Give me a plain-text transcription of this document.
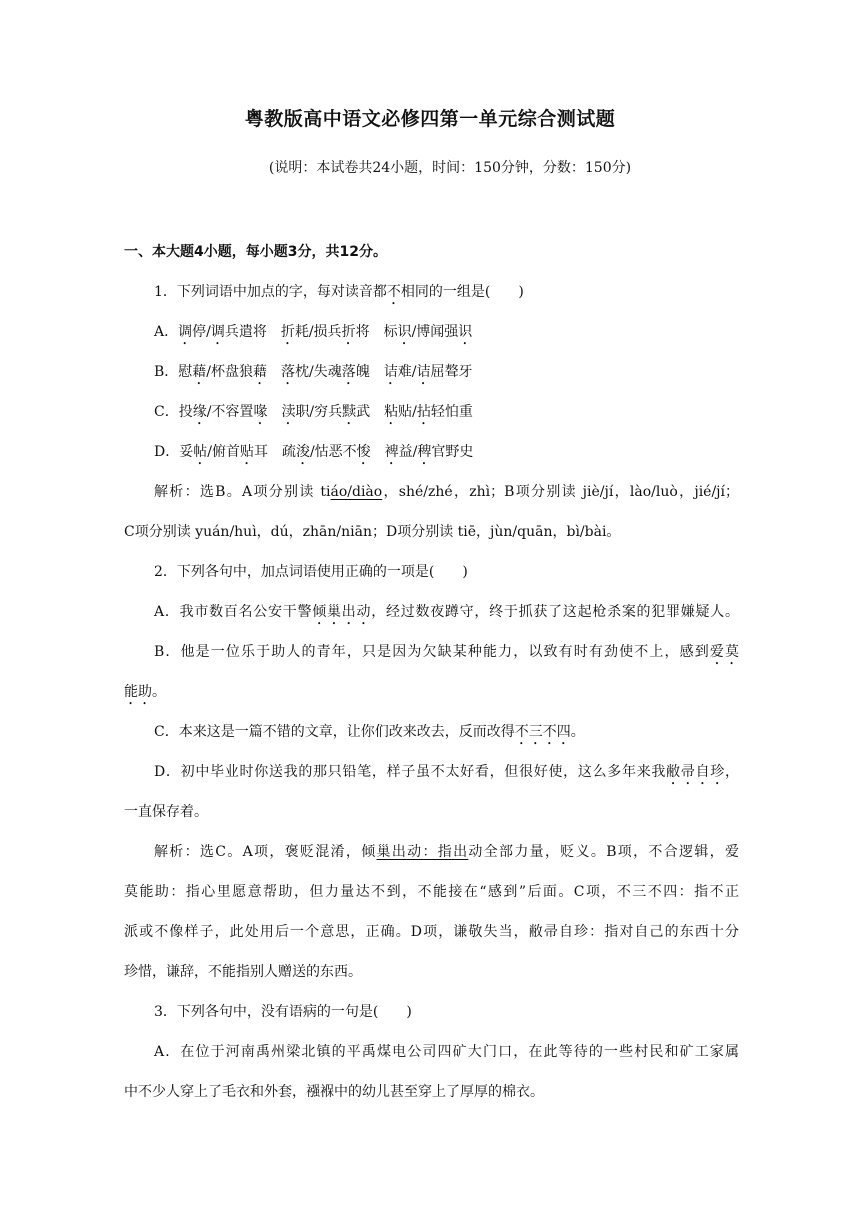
粤教版高中语文必修四第一单元综合测试题
(说明：本试卷共24小题，时间：150分钟，分数：150分)
一、本大题4小题，每小题3分，共12分。
1．下列词语中加点的字，每对读音都不相同的一组是(　　)
A．调停/调兵遣将 折耗/损兵折将 标识/博闻强识
B．慰藉/杯盘狼藉 落枕/失魂落魄 诘难/诘屈聱牙
C．投缘/不容置喙 渎职/穷兵黩武 粘贴/拈轻怕重
D．妥帖/俯首贴耳 疏浚/怙恶不悛 裨益/稗官野史
解析：选B。A项分别读 tiáo/diào，shé/zhé，zhì；B项分别读 jiè/jí，lào/luò，jié/jí；
C项分别读 yuán/huì，dú，zhān/niān；D项分别读 tiē，jùn/quān，bì/bài。
2．下列各句中，加点词语使用正确的一项是(　　)
A．我市数百名公安干警倾巢出动，经过数夜蹲守，终于抓获了这起枪杀案的犯罪嫌疑人。
B．他是一位乐于助人的青年，只是因为欠缺某种能力，以致有时有劲使不上，感到爱莫
能助。
C．本来这是一篇不错的文章，让你们改来改去，反而改得不三不四。
D．初中毕业时你送我的那只铅笔，样子虽不太好看，但很好使，这么多年来我敝帚自珍，
一直保存着。
解析：选C。A项，褒贬混淆，倾巢出动：指出动全部力量，贬义。B项，不合逻辑，爱
莫能助：指心里愿意帮助，但力量达不到，不能接在“感到”后面。C项，不三不四：指不正
派或不像样子，此处用后一个意思，正确。D项，谦敬失当，敝帚自珍：指对自己的东西十分
珍惜，谦辞，不能指别人赠送的东西。
3．下列各句中，没有语病的一句是(　　)
A．在位于河南禹州梁北镇的平禹煤电公司四矿大门口，在此等待的一些村民和矿工家属
中不少人穿上了毛衣和外套，襁褓中的幼儿甚至穿上了厚厚的棉衣。
